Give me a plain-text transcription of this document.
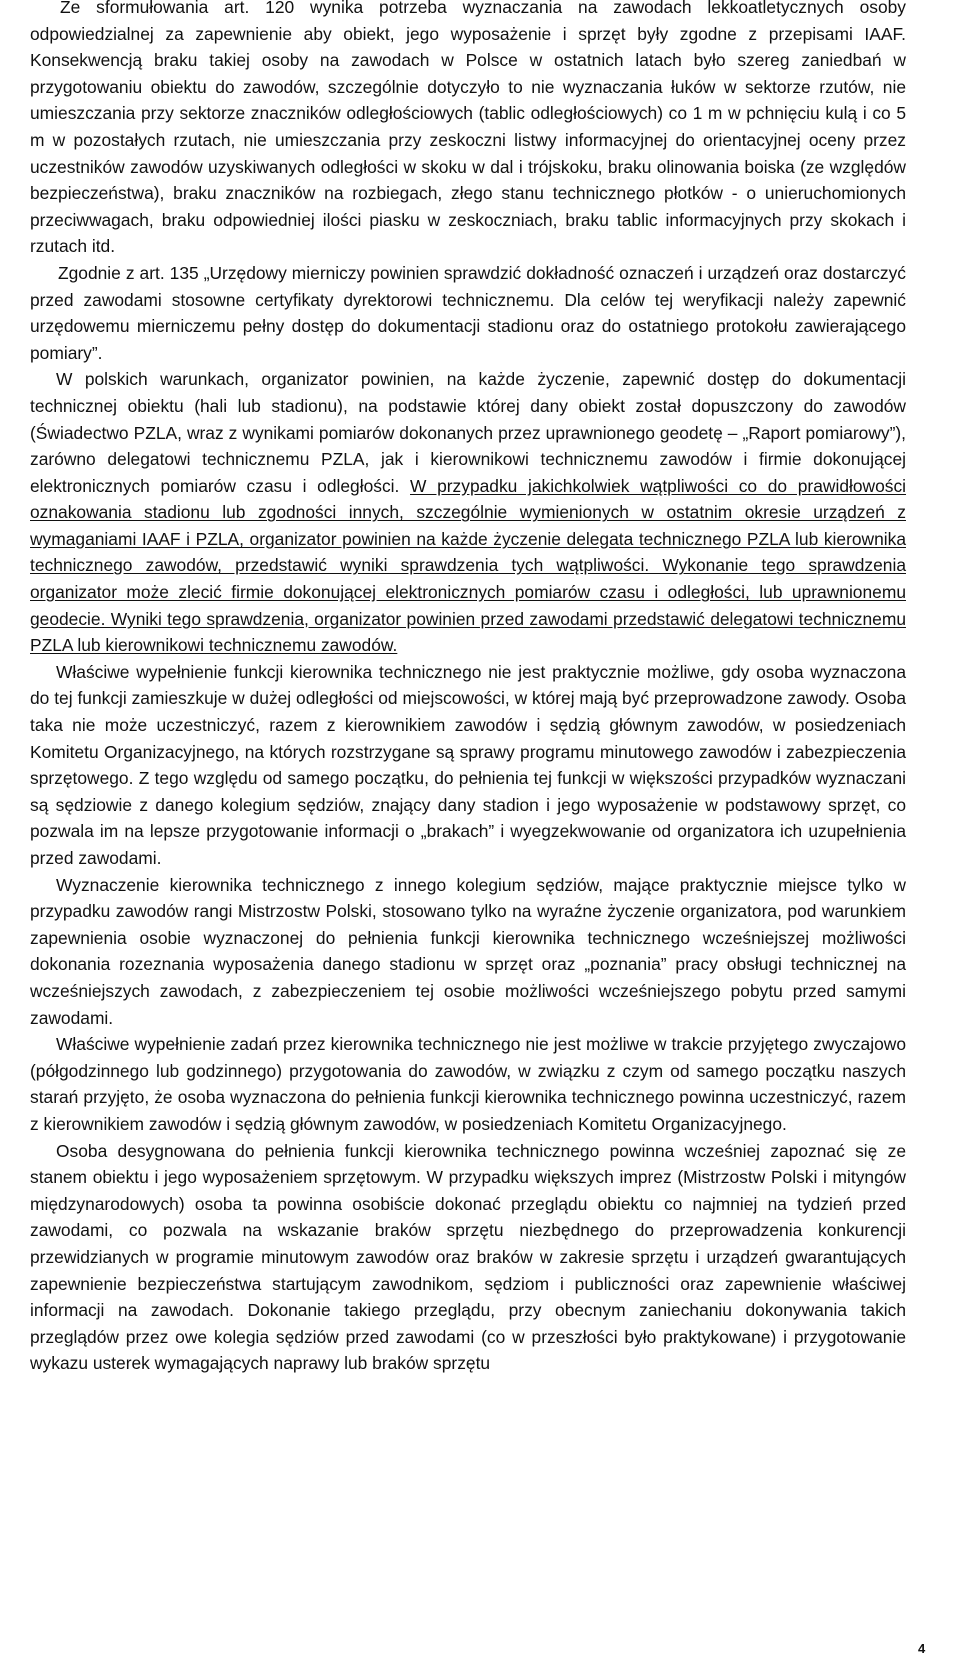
Ze sformułowania art. 120 wynika potrzeba wyznaczania na zawodach lekkoatletycznych osoby odpowiedzialnej za zapewnienie aby obiekt, jego wyposażenie i sprzęt były zgodne z przepisami IAAF. Konsekwencją braku takiej osoby na zawodach w Polsce w ostatnich latach było szereg zaniedbań w przygotowaniu obiektu do zawodów, szczególnie dotyczyło to nie wyznaczania łuków w sektorze rzutów, nie umieszczania przy sektorze znaczników odległościowych (tablic odległościowych) co 1 m w pchnięciu kulą i co 5 m w pozostałych rzutach, nie umieszczania przy zeskoczni listwy informacyjnej do orientacyjnej oceny przez uczestników zawodów uzyskiwanych odległości w skoku w dal i trójskoku, braku olinowania boiska (ze względów bezpieczeństwa), braku znaczników na rozbiegach, złego stanu technicznego płotków - o unieruchomionych przeciwwagach, braku odpowiedniej ilości piasku w zeskoczniach, braku tablic informacyjnych przy skokach i rzutach itd.

Zgodnie z art. 135 „Urzędowy mierniczy powinien sprawdzić dokładność oznaczeń i urządzeń oraz dostarczyć przed zawodami stosowne certyfikaty dyrektorowi technicznemu. Dla celów tej weryfikacji należy zapewnić urzędowemu mierniczemu pełny dostęp do dokumentacji stadionu oraz do ostatniego protokołu zawierającego pomiary”.

W polskich warunkach, organizator powinien, na każde życzenie, zapewnić dostęp do dokumentacji technicznej obiektu (hali lub stadionu), na podstawie której dany obiekt został dopuszczony do zawodów (Świadectwo PZLA, wraz z wynikami pomiarów dokonanych przez uprawnionego geodetę – „Raport pomiarowy”), zarówno delegatowi technicznemu PZLA, jak i kierownikowi technicznemu zawodów i firmie dokonującej elektronicznych pomiarów czasu i odległości. W przypadku jakichkolwiek wątpliwości co do prawidłowości oznakowania stadionu lub zgodności innych, szczególnie wymienionych w ostatnim okresie urządzeń z wymaganiami IAAF i PZLA, organizator powinien na każde życzenie delegata technicznego PZLA lub kierownika technicznego zawodów, przedstawić wyniki sprawdzenia tych wątpliwości. Wykonanie tego sprawdzenia organizator może zlecić firmie dokonującej elektronicznych pomiarów czasu i odległości, lub uprawnionemu geodecie. Wyniki tego sprawdzenia, organizator powinien przed zawodami przedstawić delegatowi technicznemu PZLA lub kierownikowi technicznemu zawodów.

Właściwe wypełnienie funkcji kierownika technicznego nie jest praktycznie możliwe, gdy osoba wyznaczona do tej funkcji zamieszkuje w dużej odległości od miejscowości, w której mają być przeprowadzone zawody. Osoba taka nie może uczestniczyć, razem z kierownikiem zawodów i sędzią głównym zawodów, w posiedzeniach Komitetu Organizacyjnego, na których rozstrzygane są sprawy programu minutowego zawodów i zabezpieczenia sprzętowego. Z tego względu od samego początku, do pełnienia tej funkcji w większości przypadków wyznaczani są sędziowie z danego kolegium sędziów, znający dany stadion i jego wyposażenie w podstawowy sprzęt, co pozwala im na lepsze przygotowanie informacji o „brakach” i wyegzekwowanie od organizatora ich uzupełnienia przed zawodami.

Wyznaczenie kierownika technicznego z innego kolegium sędziów, mające praktycznie miejsce tylko w przypadku zawodów rangi Mistrzostw Polski, stosowano tylko na wyraźne życzenie organizatora, pod warunkiem zapewnienia osobie wyznaczonej do pełnienia funkcji kierownika technicznego wcześniejszej możliwości dokonania rozeznania wyposażenia danego stadionu w sprzęt oraz „poznania” pracy obsługi technicznej na wcześniejszych zawodach, z zabezpieczeniem tej osobie możliwości wcześniejszego pobytu przed samymi zawodami.

Właściwe wypełnienie zadań przez kierownika technicznego nie jest możliwe w trakcie przyjętego zwyczajowo (półgodzinnego lub godzinnego) przygotowania do zawodów, w związku z czym od samego początku naszych starań przyjęto, że osoba wyznaczona do pełnienia funkcji kierownika technicznego powinna uczestniczyć, razem z kierownikiem zawodów i sędzią głównym zawodów, w posiedzeniach Komitetu Organizacyjnego.

Osoba desygnowana do pełnienia funkcji kierownika technicznego powinna wcześniej zapoznać się ze stanem obiektu i jego wyposażeniem sprzętowym. W przypadku większych imprez (Mistrzostw Polski i mityngów międzynarodowych) osoba ta powinna osobiście dokonać przeglądu obiektu co najmniej na tydzień przed zawodami, co pozwala na wskazanie braków sprzętu niezbędnego do przeprowadzenia konkurencji przewidzianych w programie minutowym zawodów oraz braków w zakresie sprzętu i urządzeń gwarantujących zapewnienie bezpieczeństwa startującym zawodnikom, sędziom i publiczności oraz zapewnienie właściwej informacji na zawodach. Dokonanie takiego przeglądu, przy obecnym zaniechaniu dokonywania takich przeglądów przez owe kolegia sędziów przed zawodami (co w przeszłości było praktykowane) i przygotowanie wykazu usterek wymagających naprawy lub braków sprzętu

4
